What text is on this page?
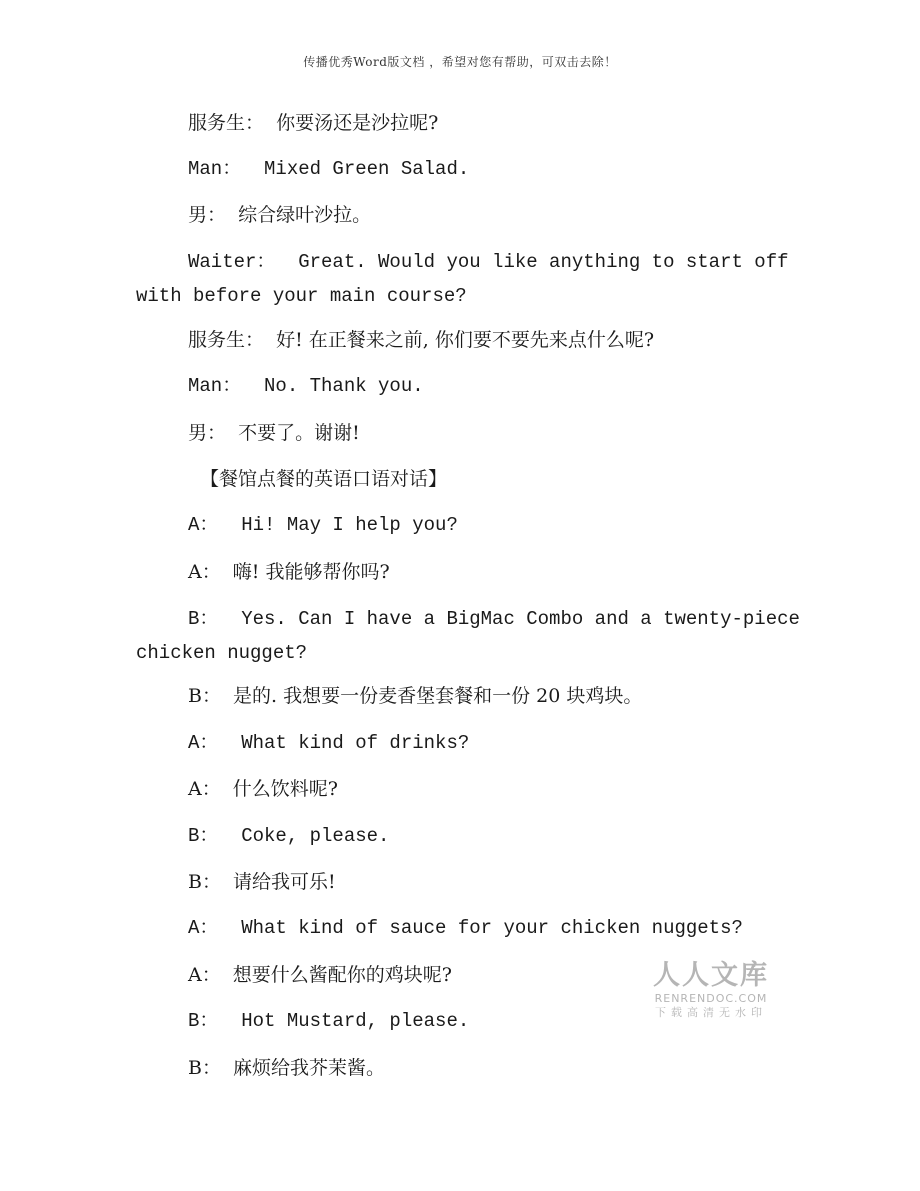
传播优秀Word版文档 ，希望对您有帮助，可双击去除！
服务生：  你要汤还是沙拉呢?
Man：  Mixed Green Salad.
男：  综合绿叶沙拉。
Waiter：  Great. Would you like anything to start off
with before your main course?
服务生：  好! 在正餐来之前, 你们要不要先来点什么呢?
Man：  No. Thank you.
男：  不要了。谢谢!
【餐馆点餐的英语口语对话】
A：  Hi! May I help you?
A：  嗨! 我能够帮你吗?
B：  Yes. Can I have a BigMac Combo and a twenty-piece
chicken nugget?
B：  是的. 我想要一份麦香堡套餐和一份 20 块鸡块。
A：  What kind of drinks?
A：  什么饮料呢?
B：  Coke, please.
B：  请给我可乐!
A：  What kind of sauce for your chicken nuggets?
A：  想要什么酱配你的鸡块呢?
B：  Hot Mustard, please.
B：  麻烦给我芥茉酱。
人人文库
RENRENDOC.COM
下载高清无水印
